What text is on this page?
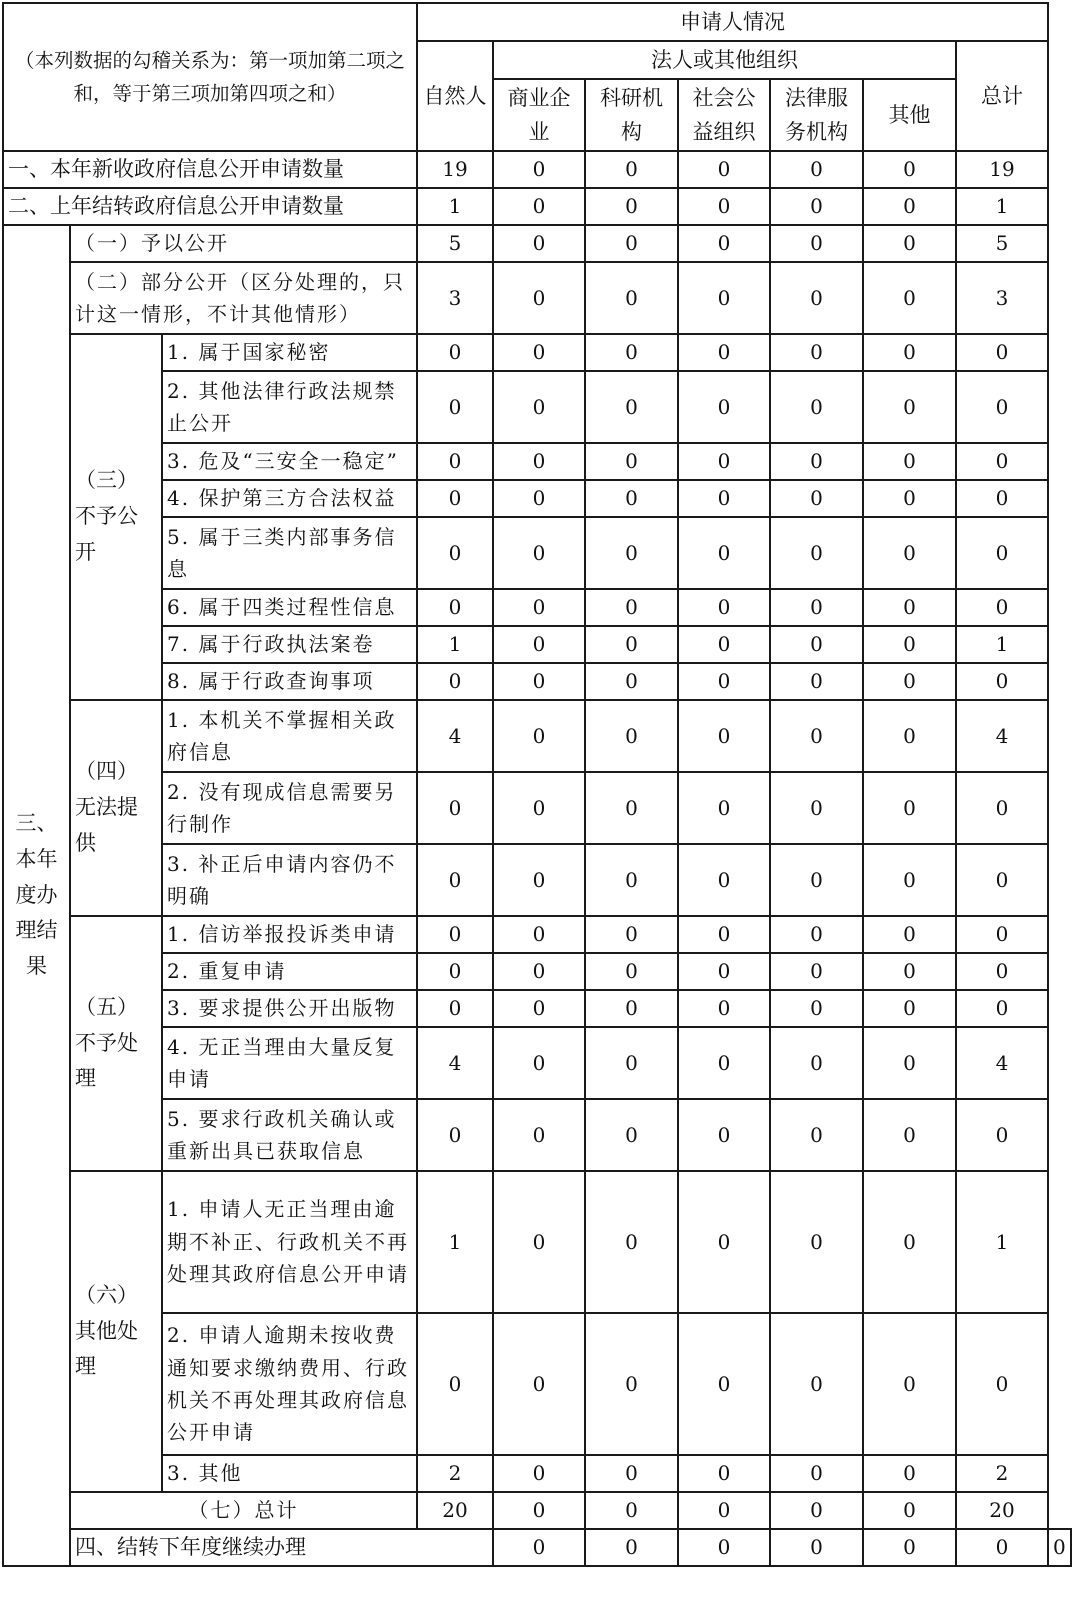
（本列数据的勾稽关系为：第一项加第二项之和，等于第三项加第四项之和）			申请人情况							
			自然人	法人或其他组织					总计	
				商业企业	科研机构	社会公益组织	法律服务机构	其他		
一、本年新收政府信息公开申请数量			19	0	0	0	0	0	19	
二、上年结转政府信息公开申请数量			1	0	0	0	0	0	1	
三、本年度办理结果	（一）予以公开		5	0	0	0	0	0	5	
	（二）部分公开（区分处理的，只计这一情形，不计其他情形）		3	0	0	0	0	0	3	
	（三）不予公开	1. 属于国家秘密	0	0	0	0	0	0	0	
		2. 其他法律行政法规禁止公开	0	0	0	0	0	0	0	
		3. 危及“三安全一稳定”	0	0	0	0	0	0	0	
		4. 保护第三方合法权益	0	0	0	0	0	0	0	
		5. 属于三类内部事务信息	0	0	0	0	0	0	0	
		6. 属于四类过程性信息	0	0	0	0	0	0	0	
		7. 属于行政执法案卷	1	0	0	0	0	0	1	
		8. 属于行政查询事项	0	0	0	0	0	0	0	
	（四）无法提供	1. 本机关不掌握相关政府信息	4	0	0	0	0	0	4	
		2. 没有现成信息需要另行制作	0	0	0	0	0	0	0	
		3. 补正后申请内容仍不明确	0	0	0	0	0	0	0	
	（五）不予处理	1. 信访举报投诉类申请	0	0	0	0	0	0	0	
		2. 重复申请	0	0	0	0	0	0	0	
		3. 要求提供公开出版物	0	0	0	0	0	0	0	
		4. 无正当理由大量反复申请	4	0	0	0	0	0	4	
		5. 要求行政机关确认或重新出具已获取信息	0	0	0	0	0	0	0	
	（六）其他处理	1. 申请人无正当理由逾期不补正、行政机关不再处理其政府信息公开申请	1	0	0	0	0	0	1	
		2. 申请人逾期未按收费通知要求缴纳费用、行政机关不再处理其政府信息公开申请	0	0	0	0	0	0	0	
		3. 其他	2	0	0	0	0	0	2	
	（七）总计		20	0	0	0	0	0	20	
	四、结转下年度继续办理			0	0	0	0	0	0	0
